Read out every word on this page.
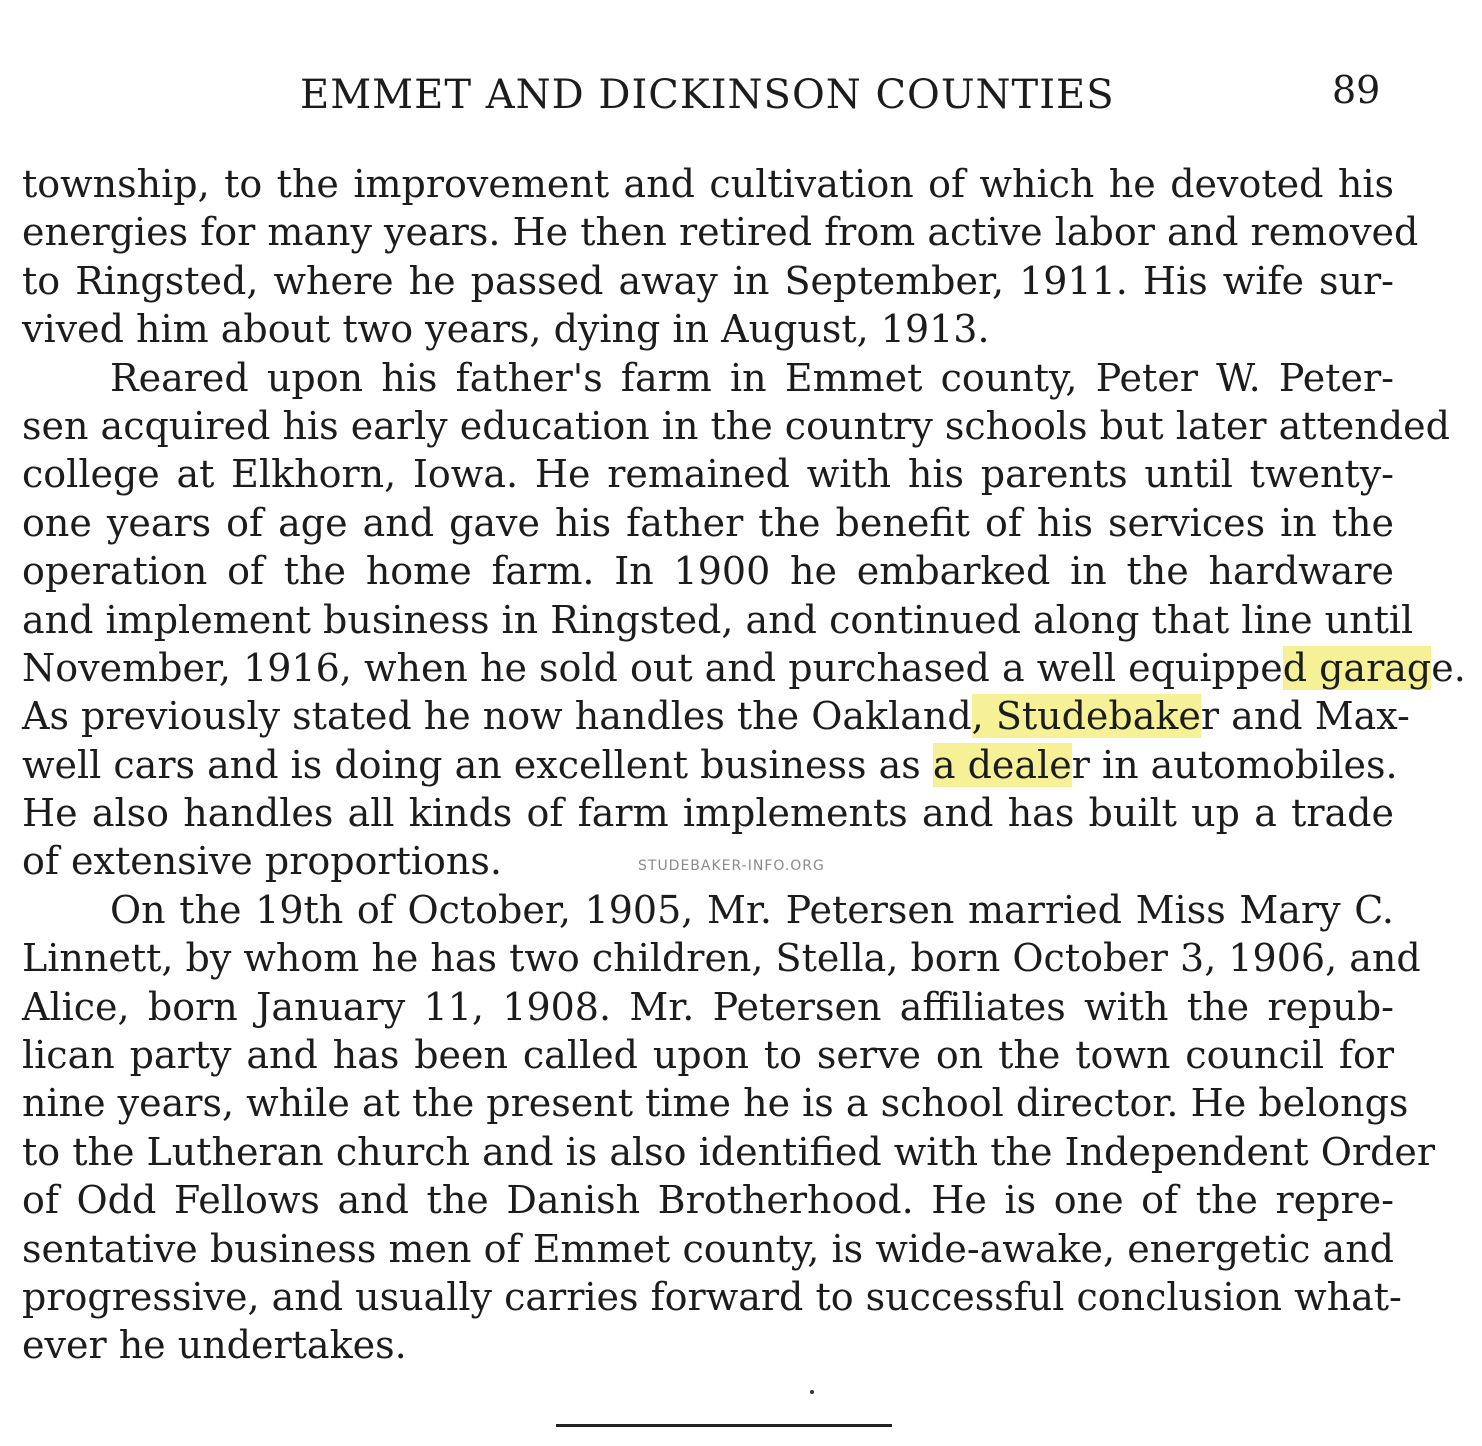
EMMET AND DICKINSON COUNTIES	89
township, to the improvement and cultivation of which he devoted his
energies for many years. He then retired from active labor and removed
to Ringsted, where he passed away in September, 1911. His wife sur-
vived him about two years, dying in August, 1913.
Reared upon his father's farm in Emmet county, Peter W. Peter-
sen acquired his early education in the country schools but later attended
college at Elkhorn, Iowa. He remained with his parents until twenty-
one years of age and gave his father the benefit of his services in the
operation of the home farm. In 1900 he embarked in the hardware
and implement business in Ringsted, and continued along that line until
November, 1916, when he sold out and purchased a well equipped garage.
As previously stated he now handles the Oakland, Studebaker and Max-
well cars and is doing an excellent business as a dealer in automobiles.
He also handles all kinds of farm implements and has built up a trade
of extensive proportions.
On the 19th of October, 1905, Mr. Petersen married Miss Mary C.
Linnett, by whom he has two children, Stella, born October 3, 1906, and
Alice, born January 11, 1908. Mr. Petersen affiliates with the repub-
lican party and has been called upon to serve on the town council for
nine years, while at the present time he is a school director. He belongs
to the Lutheran church and is also identified with the Independent Order
of Odd Fellows and the Danish Brotherhood. He is one of the repre-
sentative business men of Emmet county, is wide-awake, energetic and
progressive, and usually carries forward to successful conclusion what-
ever he undertakes.
STUDEBAKER-INFO.ORG
